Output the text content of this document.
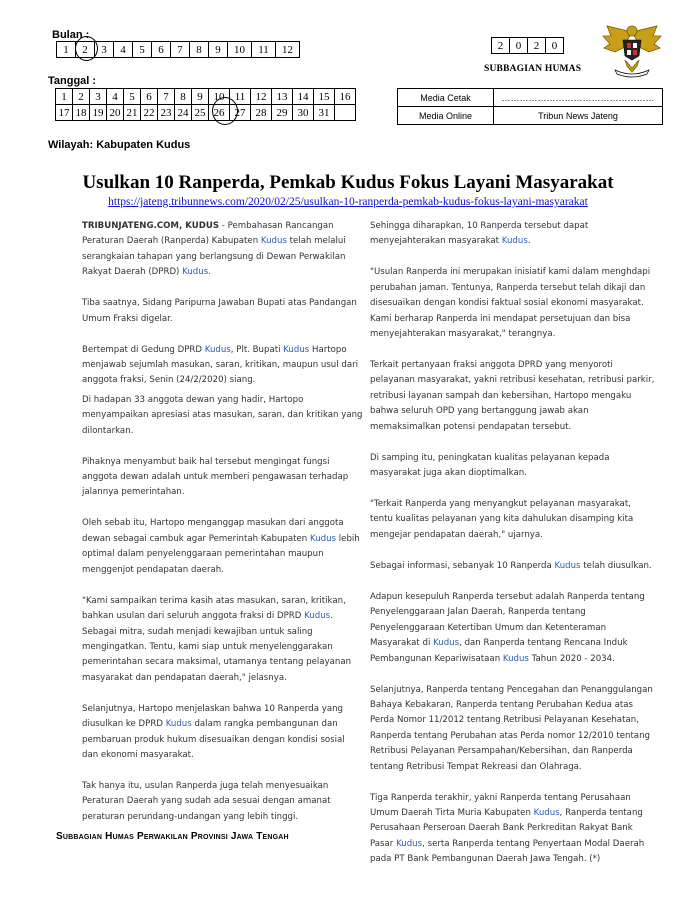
Bulan :
1	2	3	4	5	6	7	8	9	10	11	12	2	0	2	0
SUBBAGIAN HUMAS
Tanggal :
1	2	3	4	5	6	7	8	9	10	11	12	13	14	15	16
17	18	19	20	21	22	23	24	25	26	27	28	29	30	31	
Media Cetak	……………………………………………
Media Online	Tribun News Jateng
Wilayah: Kabupaten Kudus
Usulkan 10 Ranperda, Pemkab Kudus Fokus Layani Masyarakat
https://jateng.tribunnews.com/2020/02/25/usulkan-10-ranperda-pemkab-kudus-fokus-layani-masyarakat

TRIBUNJATENG.COM, KUDUS - Pembahasan Rancangan

Peraturan Daerah (Ranperda) Kabupaten Kudus telah melalui

serangkaian tahapan yang berlangsung di Dewan Perwakilan

Rakyat Daerah (DPRD) Kudus.

Tiba saatnya, Sidang Paripurna Jawaban Bupati atas Pandangan

Umum Fraksi digelar.

Bertempat di Gedung DPRD Kudus, Plt. Bupati Kudus Hartopo

menjawab sejumlah masukan, saran, kritikan, maupun usul dari

anggota fraksi, Senin (24/2/2020) siang.

Di hadapan 33 anggota dewan yang hadir, Hartopo

menyampaikan apresiasi atas masukan, saran, dan kritikan yang

dilontarkan.

Pihaknya menyambut baik hal tersebut mengingat fungsi

anggota dewan adalah untuk memberi pengawasan terhadap

jalannya pemerintahan.

Oleh sebab itu, Hartopo menganggap masukan dari anggota

dewan sebagai cambuk agar Pemerintah Kabupaten Kudus lebih

optimal dalam penyelenggaraan pemerintahan maupun

menggenjot pendapatan daerah.

"Kami sampaikan terima kasih atas masukan, saran, kritikan,

bahkan usulan dari seluruh anggota fraksi di DPRD Kudus.

Sebagai mitra, sudah menjadi kewajiban untuk saling

mengingatkan. Tentu, kami siap untuk menyelenggarakan

pemerintahan secara maksimal, utamanya tentang pelayanan

masyarakat dan pendapatan daerah," jelasnya.

Selanjutnya, Hartopo menjelaskan bahwa 10 Ranperda yang

diusulkan ke DPRD Kudus dalam rangka pembangunan dan

pembaruan produk hukum disesuaikan dengan kondisi sosial

dan ekonomi masyarakat.

Tak hanya itu, usulan Ranperda juga telah menyesuaikan

Peraturan Daerah yang sudah ada sesuai dengan amanat

peraturan perundang-undangan yang lebih tinggi.

Sehingga diharapkan, 10 Ranperda tersebut dapat

menyejahterakan masyarakat Kudus.

"Usulan Ranperda ini merupakan inisiatif kami dalam menghdapi

perubahan jaman. Tentunya, Ranperda tersebut telah dikaji dan

disesuaikan dengan kondisi faktual sosial ekonomi masyarakat.

Kami berharap Ranperda ini mendapat persetujuan dan bisa

menyejahterakan masyarakat," terangnya.

Terkait pertanyaan fraksi anggota DPRD yang menyoroti

pelayanan masyarakat, yakni retribusi kesehatan, retribusi parkir,

retribusi layanan sampah dan kebersihan, Hartopo mengaku

bahwa seluruh OPD yang bertanggung jawab akan

memaksimalkan potensi pendapatan tersebut.

Di samping itu, peningkatan kualitas pelayanan kepada

masyarakat juga akan dioptimalkan.

"Terkait Ranperda yang menyangkut pelayanan masyarakat,

tentu kualitas pelayanan yang kita dahulukan disamping kita

mengejar pendapatan daerah," ujarnya.

Sebagai informasi, sebanyak 10 Ranperda Kudus telah diusulkan.

Adapun kesepuluh Ranperda tersebut adalah Ranperda tentang

Penyelenggaraan Jalan Daerah, Ranperda tentang

Penyelenggaraan Ketertiban Umum dan Ketenteraman

Masyarakat di Kudus, dan Ranperda tentang Rencana Induk

Pembangunan Kepariwisataan Kudus Tahun 2020 - 2034.

Selanjutnya, Ranperda tentang Pencegahan dan Penanggulangan

Bahaya Kebakaran, Ranperda tentang Perubahan Kedua atas

Perda Nomor 11/2012 tentang Retribusi Pelayanan Kesehatan,

Ranperda tentang Perubahan atas Perda nomor 12/2010 tentang

Retribusi Pelayanan Persampahan/Kebersihan, dan Ranperda

tentang Retribusi Tempat Rekreasi dan Olahraga.

Tiga Ranperda terakhir, yakni Ranperda tentang Perusahaan

Umum Daerah Tirta Muria Kabupaten Kudus, Ranperda tentang

Perusahaan Perseroan Daerah Bank Perkreditan Rakyat Bank

Pasar Kudus, serta Ranperda tentang Penyertaan Modal Daerah

pada PT Bank Pembangunan Daerah Jawa Tengah. (*)

Subbagian Humas Perwakilan Provinsi Jawa Tengah
